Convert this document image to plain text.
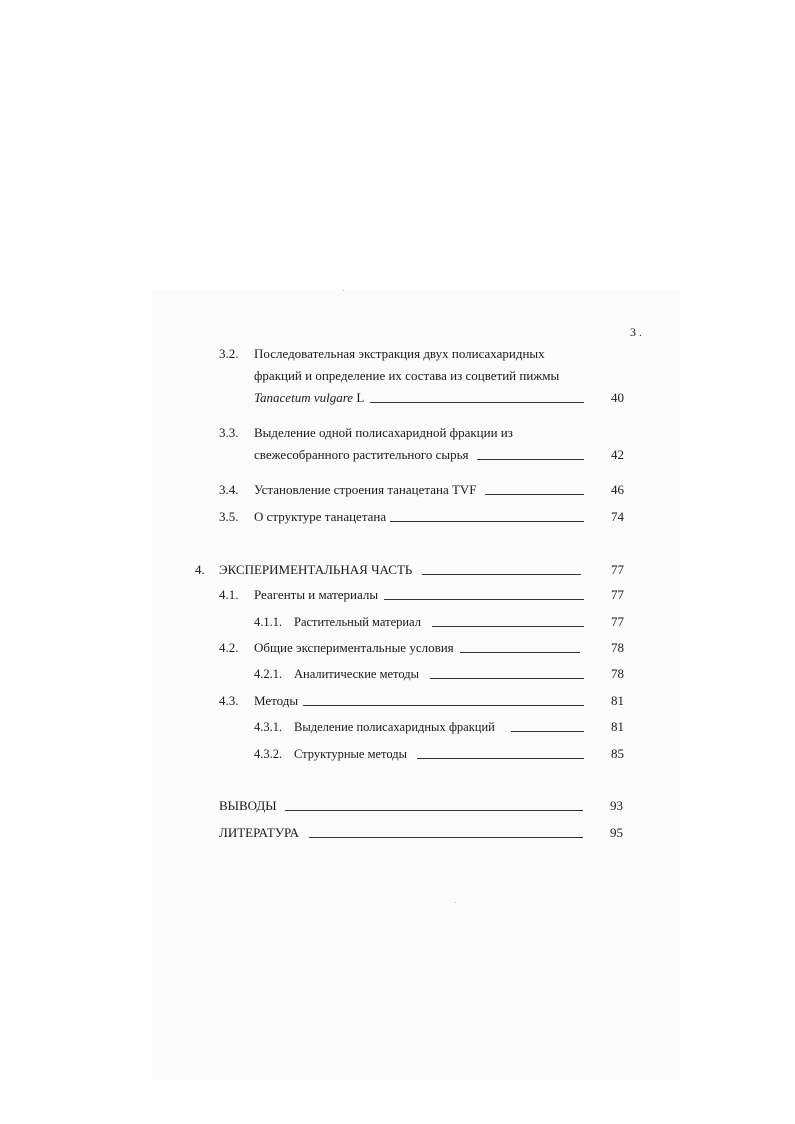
3 .
3.2. Последовательная экстракция двух полисахаридных
фракций и определение их состава из соцветий пижмы
Tanacetum vulgare L	40
3.3. Выделение одной полисахаридной фракции из
свежесобранного растительного сырья	42
3.4. Установление строения танацетана TVF	46
3.5. О структуре танацетана	74
4. ЭКСПЕРИМЕНТАЛЬНАЯ ЧАСТЬ	77
4.1. Реагенты и материалы	77
4.1.1. Растительный материал	77
4.2. Общие экспериментальные условия	78
4.2.1. Аналитические методы	78
4.3. Методы	81
4.3.1. Выделение полисахаридных фракций	81
4.3.2. Структурные методы	85
ВЫВОДЫ	93
ЛИТЕРАТУРА	95
